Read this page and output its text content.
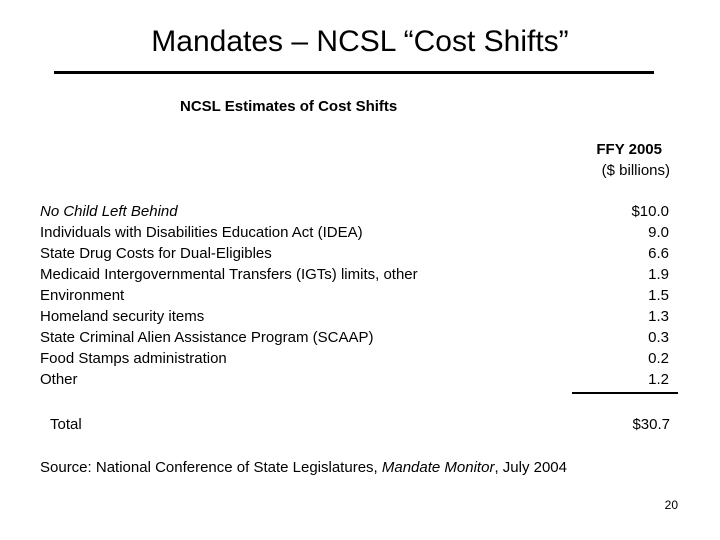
Mandates – NCSL “Cost Shifts”
NCSL Estimates of Cost Shifts
FFY 2005
($ billions)
No Child Left Behind	$10.0
Individuals with Disabilities Education Act (IDEA)	9.0
State Drug Costs for Dual-Eligibles	6.6
Medicaid Intergovernmental Transfers (IGTs) limits, other	1.9
Environment	1.5
Homeland security items	1.3
State Criminal Alien Assistance Program (SCAAP)	0.3
Food Stamps administration	0.2
Other	1.2
Total	$30.7
Source: National Conference of State Legislatures, Mandate Monitor, July 2004
20
